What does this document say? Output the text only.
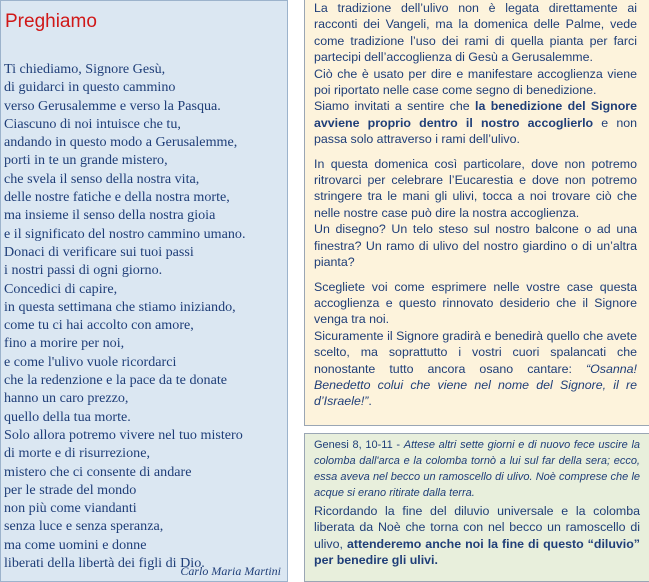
Preghiamo
Ti chiediamo, Signore Gesù,
di guidarci in questo cammino
verso Gerusalemme e verso la Pasqua.
Ciascuno di noi intuisce che tu,
andando in questo modo a Gerusalemme,
porti in te un grande mistero,
che svela il senso della nostra vita,
delle nostre fatiche e della nostra morte,
ma insieme il senso della nostra gioia
e il significato del nostro cammino umano.
Donaci di verificare sui tuoi passi
i nostri passi di ogni giorno.
Concedici di capire,
in questa settimana che stiamo iniziando,
come tu ci hai accolto con amore,
fino a morire per noi,
e come l'ulivo vuole ricordarci
che la redenzione e la pace da te donate
hanno un caro prezzo,
quello della tua morte.
Solo allora potremo vivere nel tuo mistero
di morte e di risurrezione,
mistero che ci consente di andare
per le strade del mondo
non più come viandanti
senza luce e senza speranza,
ma come uomini e donne
liberati della libertà dei figli di Dio.
Carlo Maria Martini

La tradizione dell’ulivo non è legata direttamente ai racconti dei Vangeli, ma la domenica delle Palme, vede come tradizione l’uso dei rami di quella pianta per farci partecipi dell’accoglienza di Gesù a Gerusalemme.
Ciò che è usato per dire e manifestare accoglienza viene poi riportato nelle case come segno di benedizione.
Siamo invitati a sentire che la benedizione del Signore avviene proprio dentro il nostro accoglierlo e non passa solo attraverso i rami dell’ulivo.

In questa domenica così particolare, dove non potremo ritrovarci per celebrare l’Eucarestia e dove non potremo stringere tra le mani gli ulivi, tocca a noi trovare ciò che nelle nostre case può dire la nostra accoglienza.
Un disegno? Un telo steso sul nostro balcone o ad una finestra? Un ramo di ulivo del nostro giardino o di un’altra pianta?

Scegliete voi come esprimere nelle vostre case questa accoglienza e questo rinnovato desiderio che il Signore venga tra noi.
Sicuramente il Signore gradirà e benedirà quello che avete scelto, ma soprattutto i vostri cuori spalancati che nonostante tutto ancora osano cantare: “Osanna! Benedetto colui che viene nel nome del Signore, il re d’Israele!”.

Genesi 8, 10-11 - Attese altri sette giorni e di nuovo fece uscire la colomba dall'arca e la colomba tornò a lui sul far della sera; ecco, essa aveva nel becco un ramoscello di ulivo. Noè comprese che le acque si erano ritirate dalla terra.

Ricordando la fine del diluvio universale e la colomba liberata da Noè che torna con nel becco un ramoscello di ulivo, attenderemo anche noi la fine di questo “diluvio” per benedire gli ulivi.
